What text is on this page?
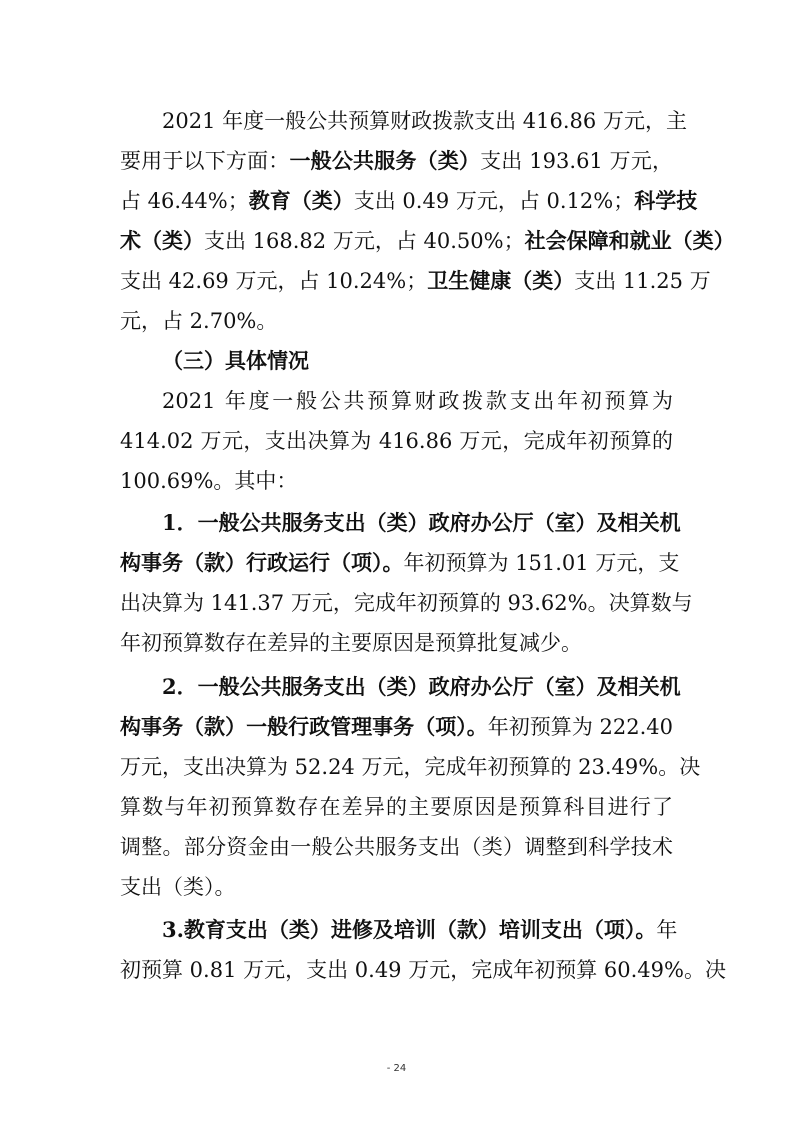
2021 年度一般公共预算财政拨款支出 416.86 万元，主
要用于以下方面：一般公共服务（类）支出 193.61 万元，
占 46.44%；教育（类）支出 0.49 万元，占 0.12%；科学技
术（类）支出 168.82 万元，占 40.50%；社会保障和就业（类）
支出 42.69 万元，占 10.24%；卫生健康（类）支出 11.25 万
元，占 2.70%。
（三）具体情况
2021 年度一般公共预算财政拨款支出年初预算为
414.02 万元，支出决算为 416.86 万元，完成年初预算的
100.69%。其中：
1．一般公共服务支出（类）政府办公厅（室）及相关机
构事务（款）行政运行（项）。年初预算为 151.01 万元，支
出决算为 141.37 万元，完成年初预算的 93.62%。决算数与
年初预算数存在差异的主要原因是预算批复减少。
2．一般公共服务支出（类）政府办公厅（室）及相关机
构事务（款）一般行政管理事务（项）。年初预算为 222.40
万元，支出决算为 52.24 万元，完成年初预算的 23.49%。决
算数与年初预算数存在差异的主要原因是预算科目进行了
调整。部分资金由一般公共服务支出（类）调整到科学技术
支出（类）。
3.教育支出（类）进修及培训（款）培训支出（项）。年
初预算 0.81 万元，支出 0.49 万元，完成年初预算 60.49%。决
- 24
